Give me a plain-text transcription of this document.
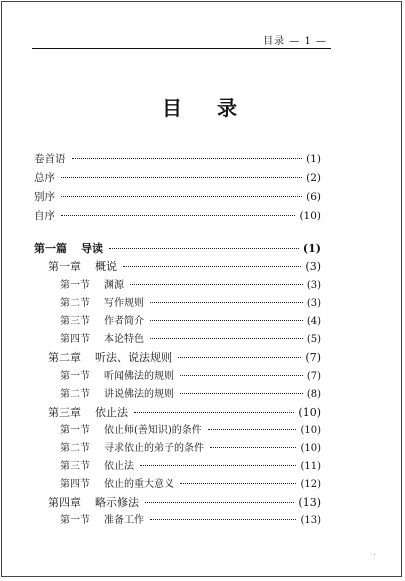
目录 — 1 —
目 录
卷首语	(1)
总序	(2)
别序	(6)
自序	(10)
第一篇 导读	(1)
第一章 概说	(3)
第一节 渊源	(3)
第二节 写作规则	(3)
第三节 作者简介	(4)
第四节 本论特色	(5)
第二章 听法、说法规则	(7)
第一节 听闻佛法的规则	(7)
第二节 讲说佛法的规则	(8)
第三章 依止法	(10)
第一节 依止师(善知识)的条件	(10)
第二节 寻求依止的弟子的条件	(10)
第三节 依止法	(11)
第四节 依止的重大意义	(12)
第四章 略示修法	(13)
第一节 准备工作	(13)
